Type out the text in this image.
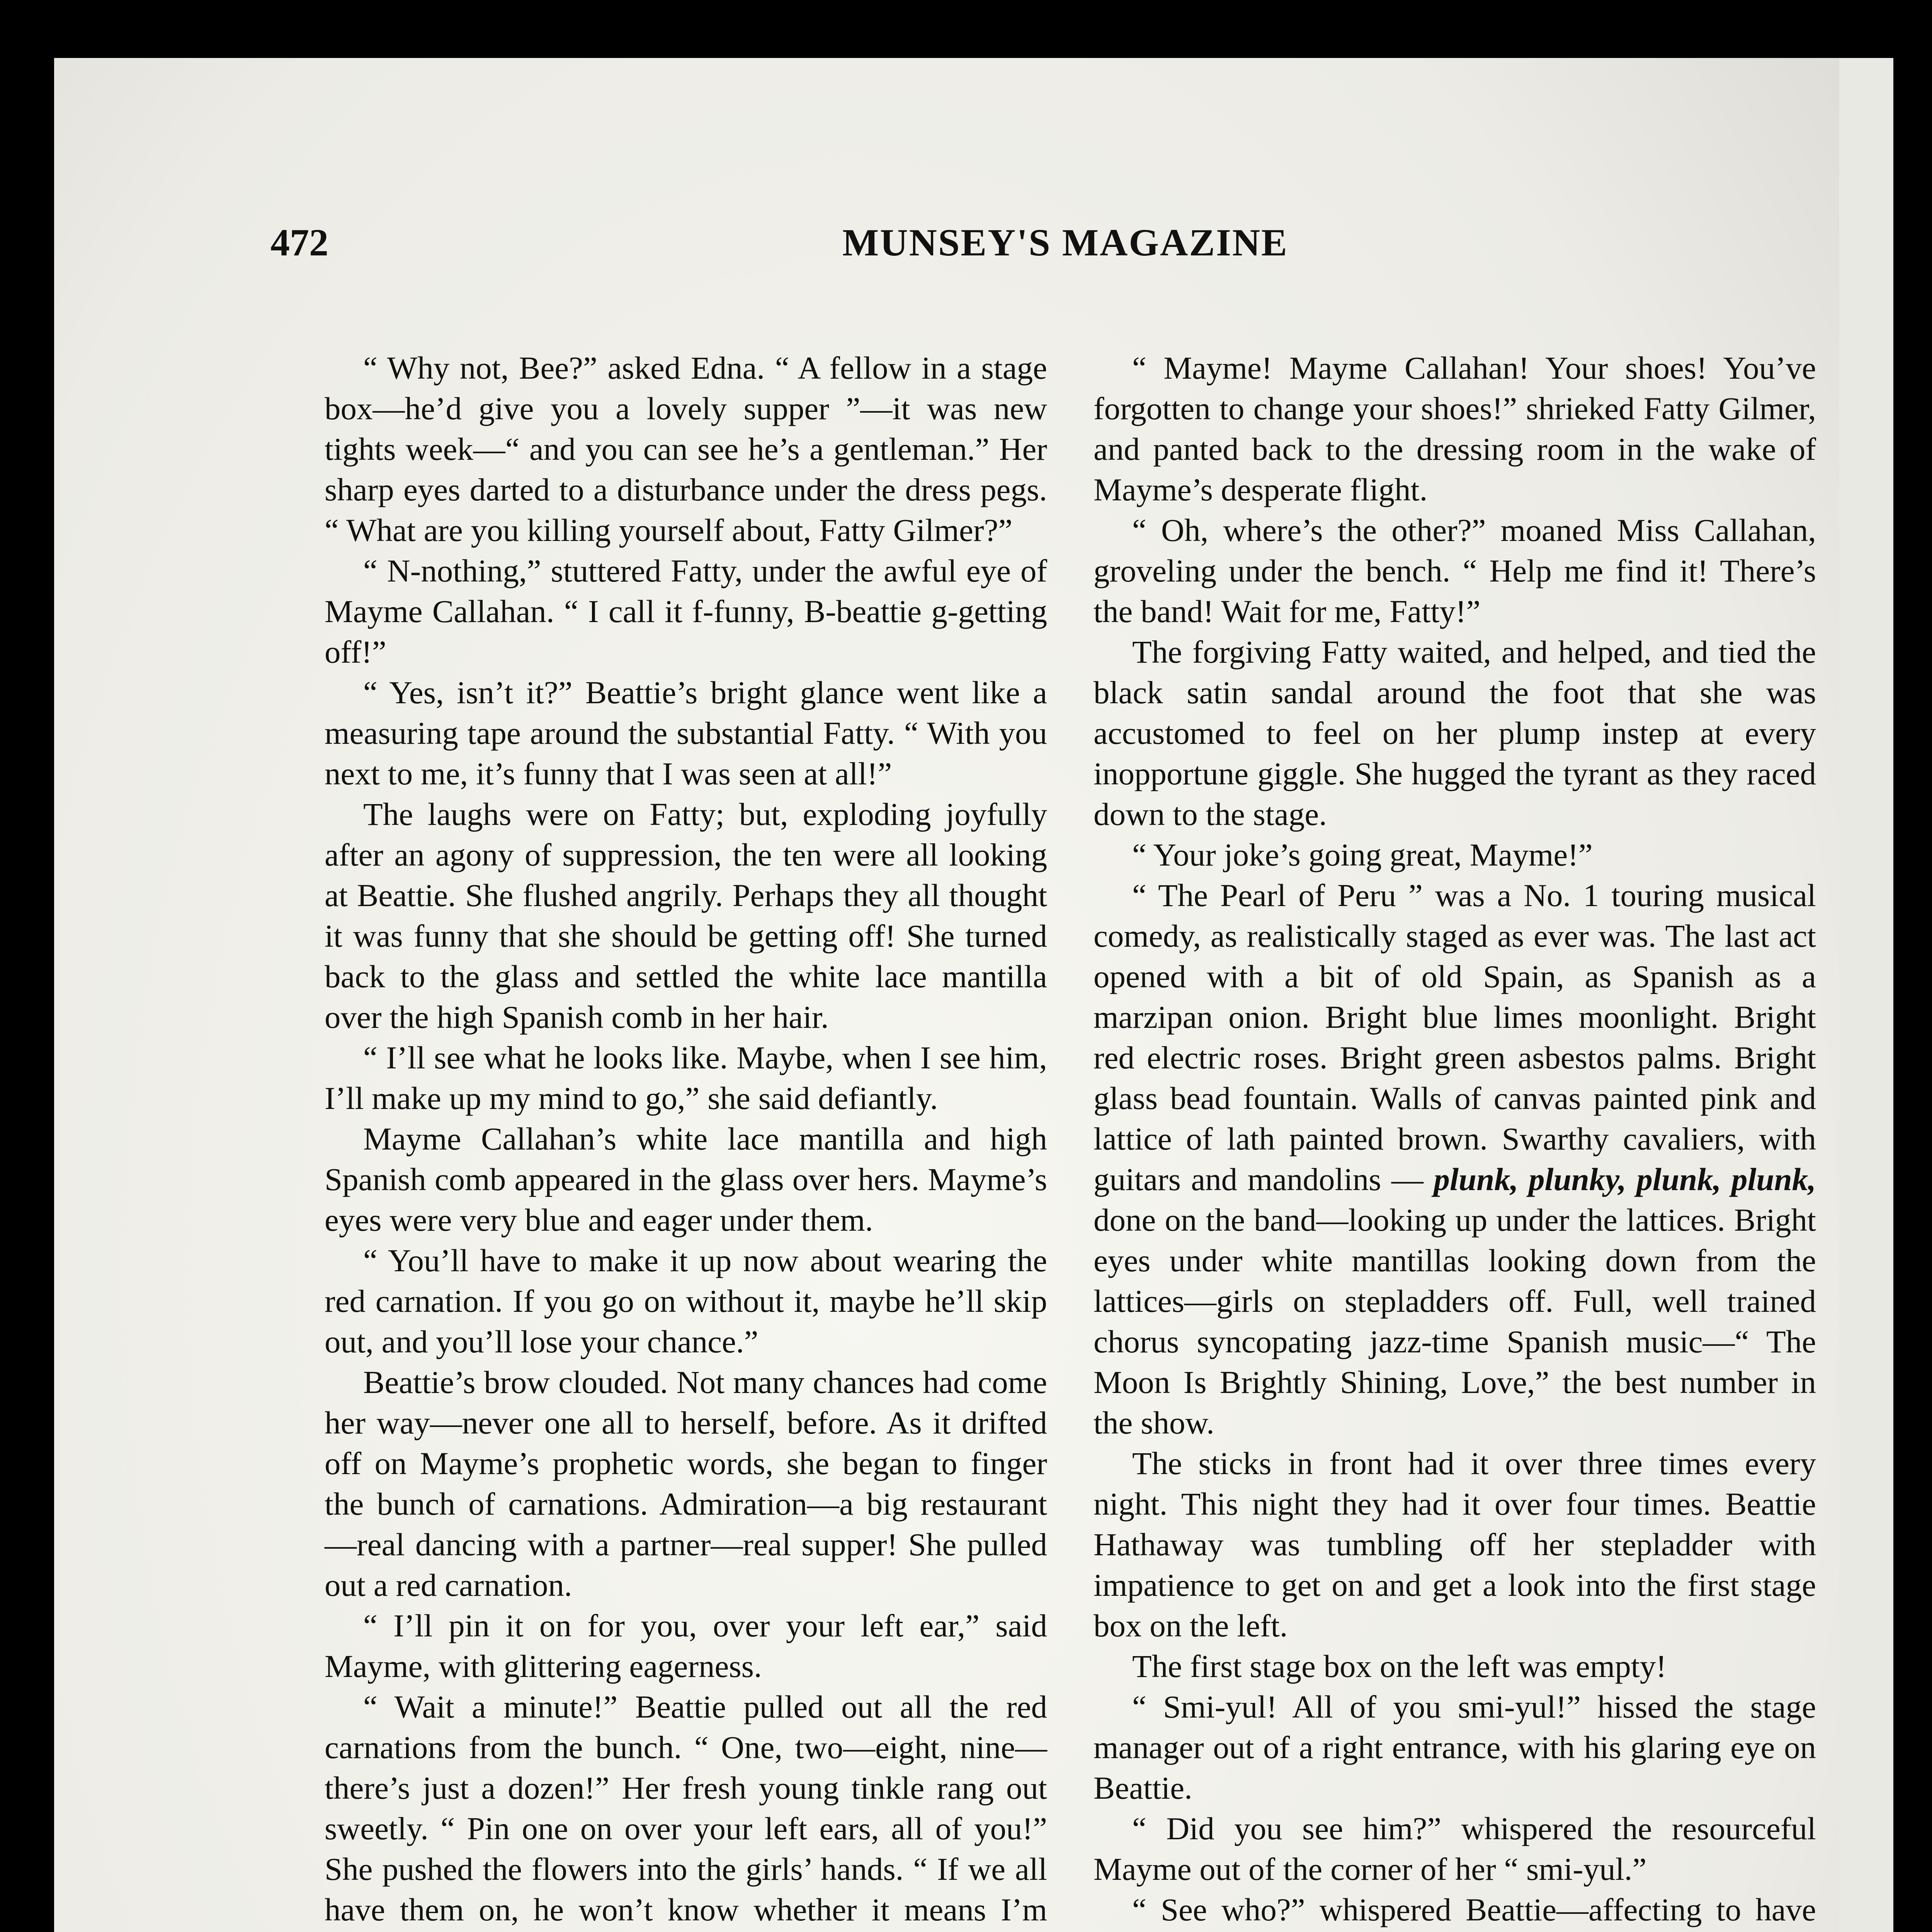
472	MUNSEY'S MAGAZINE

“ Why not, Bee?” asked Edna. “ A fellow in a stage box—he’d give you a lovely supper ”—it was new tights week—“ and you can see he’s a gentleman.” Her sharp eyes darted to a disturbance under the dress pegs. “ What are you killing yourself about, Fatty Gilmer?”

“ N-nothing,” stuttered Fatty, under the awful eye of Mayme Callahan. “ I call it f-funny, B-beattie g-getting off!”

“ Yes, isn’t it?” Beattie’s bright glance went like a measuring tape around the substantial Fatty. “ With you next to me, it’s funny that I was seen at all!”

The laughs were on Fatty; but, exploding joyfully after an agony of suppression, the ten were all looking at Beattie. She flushed angrily. Perhaps they all thought it was funny that she should be getting off! She turned back to the glass and settled the white lace mantilla over the high Spanish comb in her hair.

“ I’ll see what he looks like. Maybe, when I see him, I’ll make up my mind to go,” she said defiantly.

Mayme Callahan’s white lace mantilla and high Spanish comb appeared in the glass over hers. Mayme’s eyes were very blue and eager under them.

“ You’ll have to make it up now about wearing the red carnation. If you go on without it, maybe he’ll skip out, and you’ll lose your chance.”

Beattie’s brow clouded. Not many chances had come her way—never one all to herself, before. As it drifted off on Mayme’s prophetic words, she began to finger the bunch of carnations. Admiration—a big restaurant—real dancing with a partner—real supper! She pulled out a red carnation.

“ I’ll pin it on for you, over your left ear,” said Mayme, with glittering eagerness.

“ Wait a minute!” Beattie pulled out all the red carnations from the bunch. “ One, two—eight, nine—there’s just a dozen!” Her fresh young tinkle rang out sweetly. “ Pin one on over your left ears, all of you!” She pushed the flowers into the girls’ hands. “ If we all have them on, he won’t know whether it means I’m

“ Mayme! Mayme Callahan! Your shoes! You’ve forgotten to change your shoes!” shrieked Fatty Gilmer, and panted back to the dressing room in the wake of Mayme’s desperate flight.

“ Oh, where’s the other?” moaned Miss Callahan, groveling under the bench. “ Help me find it! There’s the band! Wait for me, Fatty!”

The forgiving Fatty waited, and helped, and tied the black satin sandal around the foot that she was accustomed to feel on her plump instep at every inopportune giggle. She hugged the tyrant as they raced down to the stage.

“ Your joke’s going great, Mayme!”

“ The Pearl of Peru ” was a No. 1 touring musical comedy, as realistically staged as ever was. The last act opened with a bit of old Spain, as Spanish as a marzipan onion. Bright blue limes moonlight. Bright red electric roses. Bright green asbestos palms. Bright glass bead fountain. Walls of canvas painted pink and lattice of lath painted brown. Swarthy cavaliers, with guitars and mandolins — plunk, plunky, plunk, plunk, done on the band—looking up under the lattices. Bright eyes under white mantillas looking down from the lattices—girls on stepladders off. Full, well trained chorus syncopating jazz-time Spanish music—“ The Moon Is Brightly Shining, Love,” the best number in the show.

The sticks in front had it over three times every night. This night they had it over four times. Beattie Hathaway was tumbling off her stepladder with impatience to get on and get a look into the first stage box on the left.

The first stage box on the left was empty!

“ Smi-yul! All of you smi-yul!” hissed the stage manager out of a right entrance, with his glaring eye on Beattie.

“ Did you see him?” whispered the resourceful Mayme out of the corner of her “ smi-yul.”

“ See who?” whispered Beattie—affecting to have
